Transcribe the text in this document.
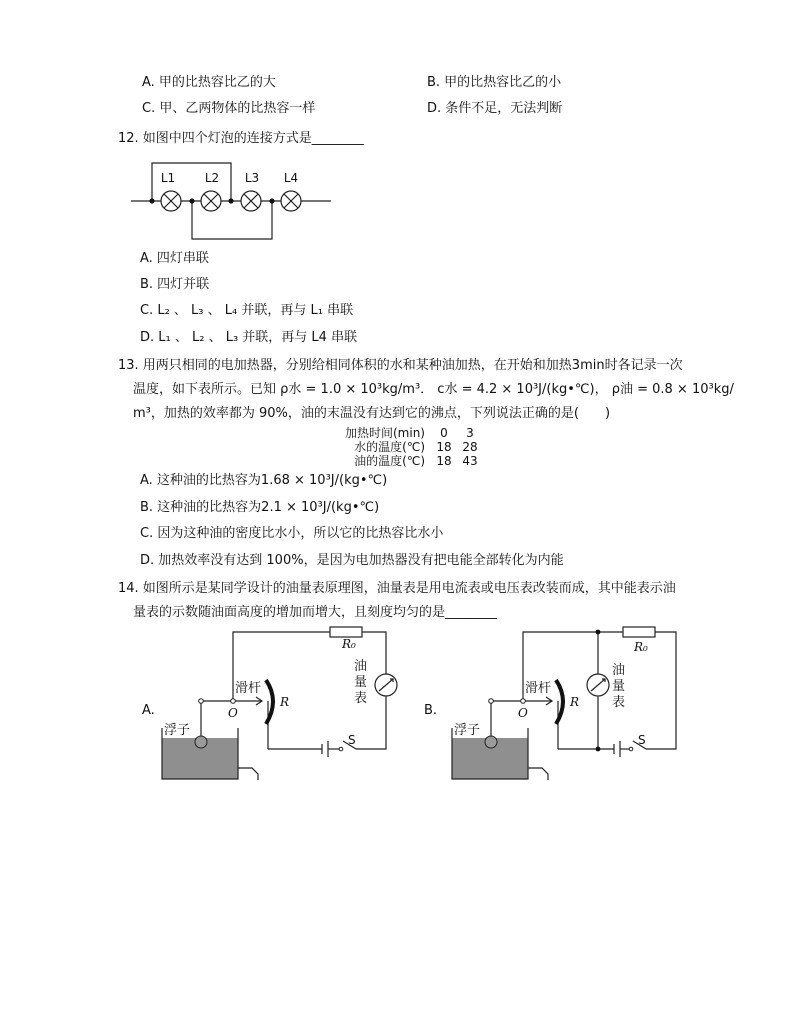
A. 甲的比热容比乙的大	B. 甲的比热容比乙的小
C. 甲、乙两物体的比热容一样	D. 条件不足，无法判断
12. 如图中四个灯泡的连接方式是________
L1 L2 L3 L4
A. 四灯串联
B. 四灯并联
C. L₂ 、 L₃ 、 L₄ 并联，再与 L₁ 串联
D. L₁ 、 L₂ 、 L₃ 并联，再与 L4 串联
13. 用两只相同的电加热器，分别给相同体积的水和某种油加热，在开始和加热3min时各记录一次
温度，如下表所示。已知 ρ水 = 1.0 × 10³kg/m³． c水 = 4.2 × 10³J/(kg•℃)， ρ油 = 0.8 × 10³kg/
m³，加热的效率都为 90%，油的末温没有达到它的沸点，下列说法正确的是(　　)
加热时间(min)	0	3
水的温度(℃) 18 28
油的温度(℃) 18 43
A. 这种油的比热容为1.68 × 10³J/(kg•℃)
B. 这种油的比热容为2.1 × 10³J/(kg•℃)
C. 因为这种油的密度比水小，所以它的比热容比水小
D. 加热效率没有达到 100%，是因为电加热器没有把电能全部转化为内能
14. 如图所示是某同学设计的油量表原理图，油量表是用电流表或电压表改装而成，其中能表示油
量表的示数随油面高度的增加而增大，且刻度均匀的是________
A.
R₀
油
量
表
滑杆
O
R
S
浮子
B.
R₀
油
量
表
滑杆
O
R
S
浮子
